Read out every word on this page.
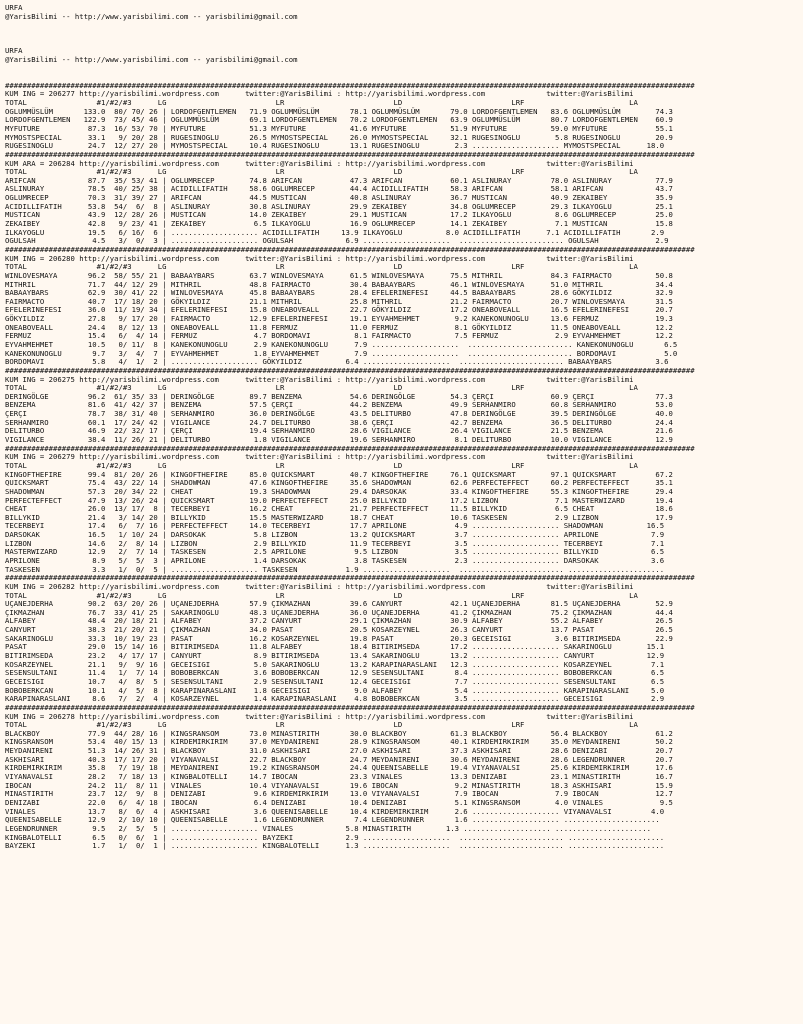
URFA
@YarisBilimi -- http://www.yarisbilimi.com -- yarisbilimi@gmail.com

URFA
@YarisBilimi -- http://www.yarisbilimi.com -- yarisbilimi@gmail.com

##############################################################################################################################################################
KUM ING = 206277 http://yarisbilimi.wordpress.com      twitter:@YarisBilimi : http://yarisbilimi.wordpress.com              twitter:@YarisBilimi
TOTAL                #1/#2/#3      LG                         LR                         LD                         LRF                        LA
OGLUMMÜSLÜM       133.0  80/ 70/ 26 | LORDOFGENTLEMEN   71.9 OGLUMMÜSLÜM       78.1 OGLUMMÜSLÜM       79.0 LORDOFGENTLEMEN   83.6 OGLUMMÜSLÜM        74.3
LORDOFGENTLEMEN   122.9  73/ 45/ 46 | OGLUMMÜSLÜM       69.1 LORDOFGENTLEMEN   70.2 LORDOFGENTLEMEN   63.9 OGLUMMÜSLÜM       80.7 LORDOFGENTLEMEN    60.9
MYFUTURE           87.3  16/ 53/ 70 | MYFUTURE          51.3 MYFUTURE          41.6 MYFUTURE          51.9 MYFUTURE          59.0 MYFUTURE           55.1
MYMOSTSPECIAL      33.1   9/ 20/ 28 | RUGESINOGLU       26.5 MYMOSTSPECIAL     26.0 MYMOSTSPECIAL     32.1 RUGESINOGLU        5.8 RUGESINOGLU        20.9
RUGESINOGLU        24.7  12/ 27/ 20 | MYMOSTSPECIAL     10.4 RUGESINOGLU       13.1 RUGESINOGLU        2.3 .................... MYMOSTSPECIAL      18.0
##############################################################################################################################################################
KUM ARA = 206284 http://yarisbilimi.wordpress.com      twitter:@YarisBilimi : http://yarisbilimi.wordpress.com              twitter:@YarisBilimi
TOTAL                #1/#2/#3      LG                         LR                         LD                         LRF                        LA
ARIFCAN            87.7  35/ 53/ 41 | OGLUMRECEP        74.8 ARIFCAN           47.3 ARIFCAN           60.1 ASLINURAY         78.0 ASLINURAY          77.9
ASLINURAY          78.5  40/ 25/ 38 | ACIDILLIFATIH     58.6 OGLUMRECEP        44.4 ACIDILLIFATIH     58.3 ARIFCAN           58.1 ARIFCAN            43.7
OGLUMRECEP         70.3  31/ 39/ 27 | ARIFCAN           44.5 MUSTICAN          40.8 ASLINURAY         36.7 MUSTICAN          40.9 ZEKAIBEY           35.9
ACIDILLIFATIH      53.8  54/  6/  8 | ASLINURAY         30.8 ASLINURAY         29.9 ZEKAIBEY          34.8 OGLUMRECEP        29.3 ILKAYOGLU          25.1
MUSTICAN           43.9  12/ 28/ 26 | MUSTICAN          14.0 ZEKAIBEY          29.1 MUSTICAN          17.2 ILKAYOGLU          8.6 OGLUMRECEP         25.0
ZEKAIBEY           42.8   9/ 23/ 41 | ZEKAIBEY           6.5 ILKAYOGLU         16.9 OGLUMRECEP        14.1 ZEKAIBEY           7.1 MUSTICAN           15.8
ILKAYOGLU          19.5   6/ 16/  6 | .................... ACIDILLIFATIH     13.9 ILKAYOGLU          8.0 ACIDILLIFATIH      7.1 ACIDILLIFATIH       2.9
OGULSAH             4.5   3/  0/  3 | .................... OGULSAH            6.9 ....................  ........................ OGULSAH             2.9
##############################################################################################################################################################
KUM ING = 206280 http://yarisbilimi.wordpress.com      twitter:@YarisBilimi : http://yarisbilimi.wordpress.com              twitter:@YarisBilimi
TOTAL                #1/#2/#3      LG                         LR                         LD                         LRF                        LA
WINLOVESMAYA       96.2  58/ 55/ 21 | BABAAYBARS        63.7 WINLOVESMAYA      61.5 WINLOVESMAYA      75.5 MITHRIL           84.3 FAIRMACTO          50.8
MITHRIL            71.7  44/ 12/ 29 | MITHRIL           48.8 FAIRMACTO         30.4 BABAAYBARS        46.1 WINLOVESMAYA      51.0 MITHRIL            34.4
BABAAYBARS         62.9  30/ 41/ 22 | WINLOVESMAYA      45.8 BABAAYBARS        28.4 EFELERINEFESI     44.5 BABAAYBARS        28.6 GÖKYILDIZ          32.9
FAIRMACTO          40.7  17/ 18/ 20 | GÖKYILDIZ         21.1 MITHRIL           25.8 MITHRIL           21.2 FAIRMACTO         20.7 WINLOVESMAYA       31.5
EFELERINEFESI      36.0  11/ 19/ 34 | EFELERINEFESI     15.8 ONEABOVEALL       22.7 GÖKYILDIZ         17.2 ONEABOVEALL       16.5 EFELERINEFESI      20.7
GÖKYILDIZ          27.8   9/ 17/ 20 | FAIRMACTO         12.9 EFELERINEFESI     19.1 EYVAHMEHMET        9.2 KANEKONUNOGLU     13.6 FERMUZ             19.3
ONEABOVEALL        24.4   8/ 12/ 13 | ONEABOVEALL       11.8 FERMUZ            11.0 FERMUZ             8.1 GÖKYILDIZ         11.5 ONEABOVEALL        12.2
FERMUZ             15.4   6/  4/ 14 | FERMUZ             4.7 BORDOMAVI          8.1 FAIRMACTO          7.5 FERMUZ             2.9 EYVAHMEHMET        12.2
EYVAHMEHMET        10.5   0/ 11/  8 | KANEKONUNOGLU      2.9 KANEKONUNOGLU      7.9 ....................  ........................ KANEKONUNOGLU       6.5
KANEKONUNOGLU       9.7   3/  4/  7 | EYVAHMEHMET        1.8 EYVAHMEHMET        7.9 ....................  ........................ BORDOMAVI           5.0
BORDOMAVI           5.8   4/  1/  2 | .................... GÖKYILDIZ          6.4 ....................  ........................ BABAAYBARS          3.6
##############################################################################################################################################################
KUM ING = 206275 http://yarisbilimi.wordpress.com      twitter:@YarisBilimi : http://yarisbilimi.wordpress.com              twitter:@YarisBilimi
TOTAL                #1/#2/#3      LG                         LR                         LD                         LRF                        LA
DERINGÖLGE         96.2  61/ 35/ 33 | DERINGÖLGE        89.7 BENZEMA           54.6 DERINGÖLGE        54.3 ÇERÇI             60.9 ÇERÇI              77.3
BENZEMA            81.6  41/ 42/ 37 | BENZEMA           57.5 ÇERÇI             44.2 BENZEMA           49.9 SERHANMIRO        60.8 SERHANMIRO         53.0
ÇERÇI              78.7  38/ 31/ 40 | SERHANMIRO        36.0 DERINGÖLGE        43.5 DELITURBO         47.8 DERINGÖLGE        39.5 DERINGÖLGE         40.0
SERHANMIRO         60.1  17/ 24/ 42 | VIGILANCE         24.7 DELITURBO         38.6 ÇERÇI             42.7 BENZEMA           36.5 DELITURBO          24.4
DELITURBO          46.9  22/ 32/ 17 | ÇERÇI             19.4 SERHANMIRO        28.6 VIGILANCE         26.4 VIGILANCE         21.5 BENZEMA            21.6
VIGILANCE          38.4  11/ 26/ 21 | DELITURBO          1.8 VIGILANCE         19.6 SERHANMIRO         8.1 DELITURBO         10.0 VIGILANCE          12.9
##############################################################################################################################################################
KUM ING = 206279 http://yarisbilimi.wordpress.com      twitter:@YarisBilimi : http://yarisbilimi.wordpress.com              twitter:@YarisBilimi
TOTAL                #1/#2/#3      LG                         LR                         LD                         LRF                        LA
KINGOFTHEFIRE      99.4  81/ 20/ 26 | KINGOFTHEFIRE     85.0 QUICKSMART        40.7 KINGOFTHEFIRE     76.1 QUICKSMART        97.1 QUICKSMART         67.2
QUICKSMART         75.4  43/ 22/ 14 | SHADOWMAN         47.6 KINGOFTHEFIRE     35.6 SHADOWMAN         62.6 PERFECTEFFECT     60.2 PERFECTEFFECT      35.1
SHADOWMAN          57.3  20/ 34/ 22 | CHEAT             19.3 SHADOWMAN         29.4 DARSOKAK          33.4 KINGOFTHEFIRE     55.3 KINGOFTHEFIRE      29.4
PERFECTEFFECT      47.9  13/ 26/ 24 | QUICKSMART        19.0 PERFECTEFFECT     25.0 BILLYKID          17.2 LIZBON             7.1 MASTERWIZARD       19.4
CHEAT              26.0  13/ 17/  8 | TECERBEYI         16.2 CHEAT             21.7 PERFECTEFFECT     11.5 BILLYKID           6.5 CHEAT              18.6
BILLYKID           21.4   3/ 14/ 20 | BILLYKID          15.5 MASTERWIZARD      18.7 CHEAT             10.6 TASKESEN           2.9 LIZBON             17.9
TECERBEYI          17.4   6/  7/ 16 | PERFECTEFFECT     14.0 TECERBEYI         17.7 APRILONE           4.9 .................... SHADOWMAN          16.5
DARSOKAK           16.5   1/ 10/ 24 | DARSOKAK           5.8 LIZBON            13.2 QUICKSMART         3.7 .................... APRILONE            7.9
LIZBON             14.6   2/  8/ 14 | LIZBON             2.9 BILLYKID          11.9 TECERBEYI          3.5 .................... TECERBEYI           7.1
MASTERWIZARD       12.9   2/  7/ 14 | TASKESEN           2.5 APRILONE           9.5 LIZBON             3.5 .................... BILLYKID            6.5
APRILONE            8.9   5/  5/  3 | APRILONE           1.4 DARSOKAK           3.8 TASKESEN           2.3 .................... DARSOKAK            3.6
TASKESEN            3.3   1/  0/  5 | .................... TASKESEN           1.9 ....................  ........................ ......................
##############################################################################################################################################################
KUM ING = 206282 http://yarisbilimi.wordpress.com      twitter:@YarisBilimi : http://yarisbilimi.wordpress.com              twitter:@YarisBilimi
TOTAL                #1/#2/#3      LG                         LR                         LD                         LRF                        LA
UÇANEJDERHA        90.2  63/ 20/ 26 | UÇANEJDERHA       57.9 ÇIKMAZHAN         39.6 CANYURT           42.1 UÇANEJDERHA       81.5 UÇANEJDERHA        52.9
ÇIKMAZHAN          76.7  33/ 41/ 25 | SAKARINOGLU       48.3 UÇANEJDERHA       36.0 UÇANEJDERHA       41.2 ÇIKMAZHAN         75.2 ÇIKMAZHAN          44.4
ALFABEY            48.4  20/ 18/ 21 | ALFABEY           37.2 CANYURT           29.1 ÇIKMAZHAN         30.9 ALFABEY           55.2 ALFABEY            26.5
CANYURT            38.3  21/ 20/ 21 | ÇIKMAZHAN         34.0 PASAT             20.5 KOSARZEYNEL       26.3 CANYURT           13.7 PASAT              26.5
SAKARINOGLU        33.3  10/ 19/ 23 | PASAT             16.2 KOSARZEYNEL       19.8 PASAT             20.3 GECEISIGI          3.6 BITIRIMSEDA        22.9
PASAT              29.0  15/ 14/ 16 | BITIRIMSEDA       11.8 ALFABEY           18.4 BITIRIMSEDA       17.2 .................... SAKARINOGLU        15.1
BITIRIMSEDA        23.2   4/ 17/ 17 | CANYURT            8.9 BITIRIMSEDA       13.4 SAKARINOGLU       13.2 .................... CANYURT            12.9
KOSARZEYNEL        21.1   9/  9/ 16 | GECEISIGI          5.0 SAKARINOGLU       13.2 KARAPINARASLANI   12.3 .................... KOSARZEYNEL         7.1
SESENSULTANI       11.4   1/  7/ 14 | BOBOBERKCAN        3.6 BOBOBERKCAN       12.9 SESENSULTANI       8.4 .................... BOBOBERKCAN         6.5
GECEISIGI          10.7   4/  8/  5 | SESENSULTANI       2.9 SESENSULTANI      12.4 GECEISIGI          7.7 .................... SESENSULTANI        6.5
BOBOBERKCAN        10.1   4/  5/  8 | KARAPINARASLANI    1.8 GECEISIGI          9.0 ALFABEY            5.4 .................... KARAPINARASLANI     5.0
KARAPINARASLANI     8.6   7/  2/  4 | KOSARZEYNEL        1.4 KARAPINARASLANI    4.8 BOBOBERKCAN        3.5 .................... GECEISIGI           2.9
##############################################################################################################################################################
KUM ING = 206278 http://yarisbilimi.wordpress.com      twitter:@YarisBilimi : http://yarisbilimi.wordpress.com              twitter:@YarisBilimi
TOTAL                #1/#2/#3      LG                         LR                         LD                         LRF                        LA
BLACKBOY           77.9  44/ 28/ 16 | KINGSRANSOM       73.0 MINASTIRITH       30.0 BLACKBOY          61.3 BLACKBOY          56.4 BLACKBOY           61.2
KINGSRANSOM        53.4  40/ 15/ 13 | KIRDEMIRKIRIM     37.0 MEYDANIRENI       28.9 KINGSRANSOM       40.1 KIRDEMIRKIRIM     35.0 MEYDANIRENI        50.2
MEYDANIRENI        51.3  14/ 26/ 31 | BLACKBOY          31.0 ASKHISARI         27.0 ASKHISARI         37.3 ASKHISARI         28.6 DENIZABI           20.7
ASKHISARI          40.3  17/ 17/ 20 | VIYANAVALSI       22.7 BLACKBOY          24.7 MEYDANIRENI       30.6 MEYDANIRENI       28.6 LEGENDRUNNER       20.7
KIRDEMIRKIRIM      35.8   7/ 19/ 18 | MEYDANIRENI       19.2 KINGSRANSOM       24.4 QUEENISABELLE     19.4 VIYANAVALSI       25.6 KIRDEMIRKIRIM      17.6
VIYANAVALSI        28.2   7/ 18/ 13 | KINGBALOTELLI     14.7 IBOCAN            23.3 VINALES           13.3 DENIZABI          23.1 MINASTIRITH        16.7
IBOCAN             24.2  11/  8/ 11 | VINALES           10.4 VIYANAVALSI       19.6 IBOCAN             9.2 MINASTIRITH       18.3 ASKHISARI          15.9
MINASTIRITH        23.7  12/  9/  8 | DENIZABI           9.6 KIRDEMIRKIRIM     13.0 VIYANAVALSI        7.9 IBOCAN             7.9 IBOCAN             12.7
DENIZABI           22.0   6/  4/ 18 | IBOCAN             6.4 DENIZABI          10.4 DENIZABI           5.1 KINGSRANSOM        4.0 VINALES             9.5
VINALES            13.7   8/  6/  4 | ASKHISARI          3.6 QUEENISABELLE     10.4 KIRDEMIRKIRIM      2.6 .................... VIYANAVALSI         4.0
QUEENISABELLE      12.9   2/ 10/ 10 | QUEENISABELLE      1.6 LEGENDRUNNER       7.4 LEGENDRUNNER       1.6 .................... ......................
LEGENDRUNNER        9.5   2/  5/  5 | .................... VINALES            5.8 MINASTIRITH        1.3 .................... ......................
KINGBALOTELLI       6.5   0/  6/  1 | .................... BAYZEKI            2.9 ....................  ........................ ......................
BAYZEKI             1.7   1/  0/  1 | .................... KINGBALOTELLI      1.3 ....................  ........................ ......................
